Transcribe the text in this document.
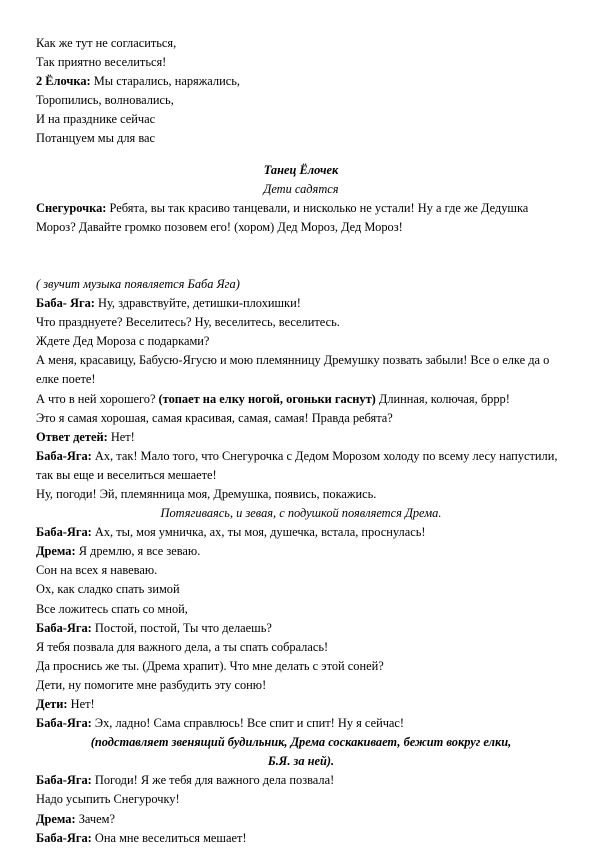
Как же тут не согласиться,
Так приятно веселиться!
2 Ёлочка: Мы старались, наряжались,
Торопились, волновались,
И на празднике сейчас
Потанцуем мы для вас
Танец Ёлочек
Дети садятся
Снегурочка: Ребята, вы так красиво танцевали, и нисколько не устали! Ну а где же Дедушка Мороз? Давайте громко позовем его! (хором) Дед Мороз, Дед Мороз!
( звучит музыка появляется Баба Яга)
Баба- Яга: Ну, здравствуйте, детишки-плохишки!
Что празднуете? Веселитесь? Ну, веселитесь, веселитесь.
Ждете Дед Мороза с подарками?
А меня, красавицу, Бабусю-Ягусю и мою племянницу Дремушку позвать забыли! Все о елке да о елке поете!
А что в ней хорошего? (топает на елку ногой, огоньки гаснут) Длинная, колючая, бррр!
Это я самая хорошая, самая красивая, самая, самая! Правда ребята?
Ответ детей: Нет!
Баба-Яга: Ах, так! Мало того, что Снегурочка с Дедом Морозом холоду по всему лесу напустили, так вы еще и веселиться мешаете!
Ну, погоди! Эй, племянница моя, Дремушка, появись, покажись.
Потягиваясь, и зевая, с подушкой появляется Дрема.
Баба-Яга: Ах, ты, моя умничка, ах, ты моя, душечка, встала, проснулась!
Дрема: Я дремлю, я все зеваю.
Сон на всех я навеваю.
Ох, как сладко спать зимой
Все ложитесь спать со мной,
Баба-Яга: Постой, постой, Ты что делаешь?
Я тебя позвала для важного дела, а ты спать собралась!
Да проснись же ты. (Дрема храпит). Что мне делать с этой соней?
Дети, ну помогите мне разбудить эту соню!
Дети: Нет!
Баба-Яга: Эх, ладно! Сама справлюсь! Все спит и спит! Ну я сейчас!
(подставляет звенящий будильник, Дрема соскакивает, бежит вокруг елки,
Б.Я. за ней).
Баба-Яга: Погоди! Я же тебя для важного дела позвала!
Надо усыпить Снегурочку!
Дрема: Зачем?
Баба-Яга: Она мне веселиться мешает!
